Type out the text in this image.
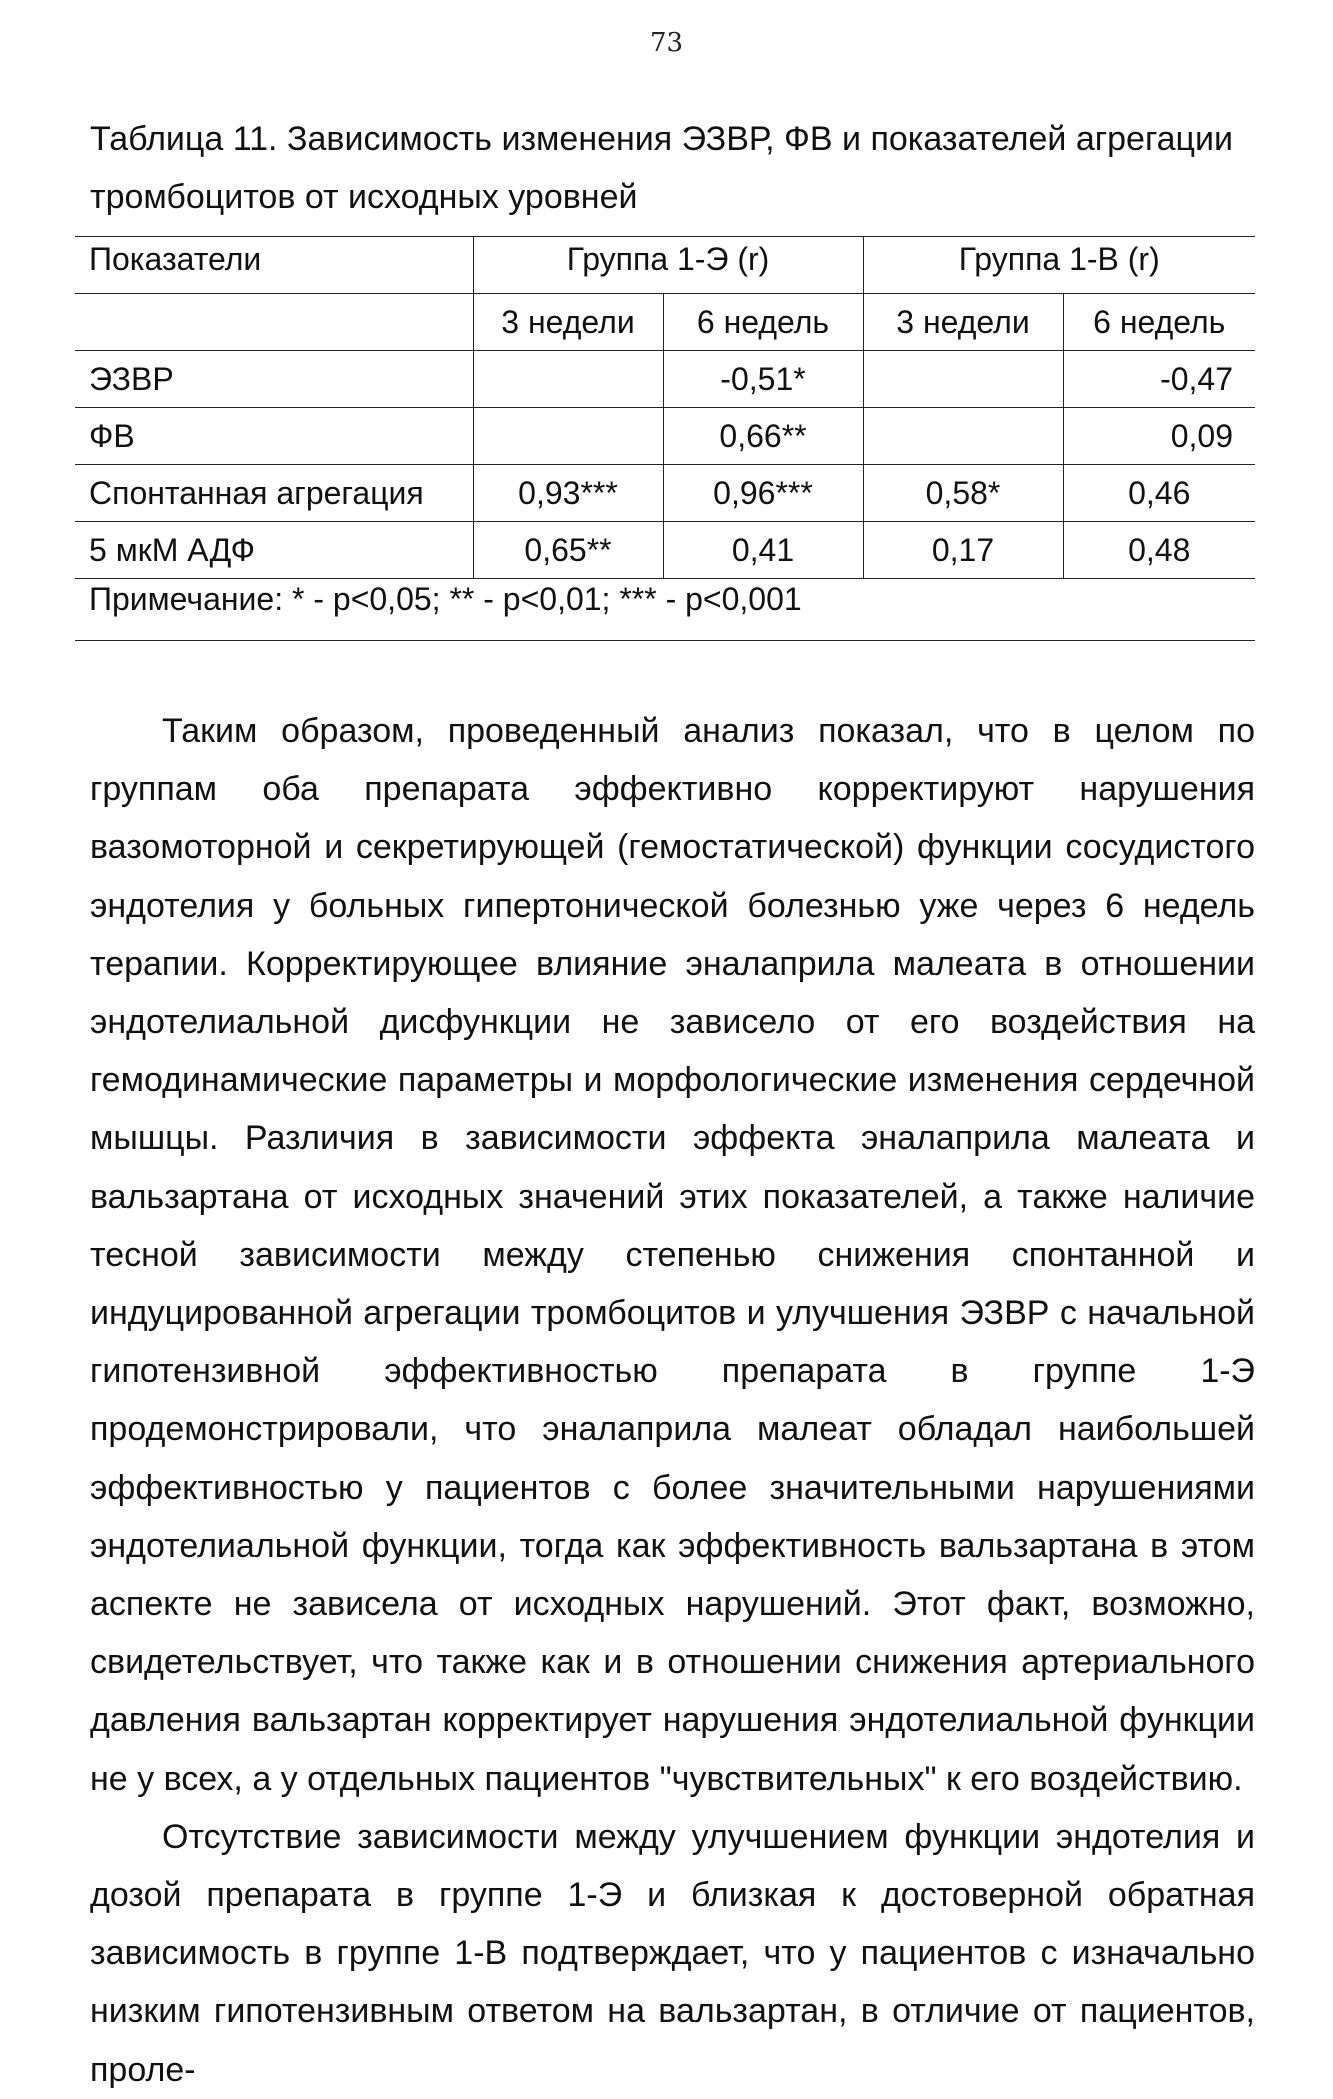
73
Таблица 11. Зависимость изменения ЭЗВР, ФВ и показателей агрегации тромбоцитов от исходных уровней
Показатели	Группа 1-Э (r)		Группа 1-В (r)	
	3 недели	6 недель	3 недели	6 недель
ЭЗВР		-0,51*		-0,47
ФВ		0,66**		0,09
Спонтанная агрегация	0,93***	0,96***	0,58*	0,46
5 мкМ АДФ	0,65**	0,41	0,17	0,48
Примечание: * - р<0,05; ** - р<0,01; *** - р<0,001				

Таким образом, проведенный анализ показал, что в целом по группам оба препарата эффективно корректируют нарушения вазомоторной и секретирующей (гемостатической) функции сосудистого эндотелия у больных гипертонической болезнью уже через 6 недель терапии. Корректирующее влияние эналаприла малеата в отношении эндотелиальной дисфункции не зависело от его воздействия на гемодинамические параметры и морфологические изменения сердечной мышцы. Различия в зависимости эффекта эналаприла малеата и вальзартана от исходных значений этих показателей, а также наличие тесной зависимости между степенью снижения спонтанной и индуцированной агрегации тромбоцитов и улучшения ЭЗВР с начальной гипотензивной эффективностью препарата в группе 1-Э продемонстрировали, что эналаприла малеат обладал наибольшей эффективностью у пациентов с более значительными нарушениями эндотелиальной функции, тогда как эффективность вальзартана в этом аспекте не зависела от исходных нарушений. Этот факт, возможно, свидетельствует, что также как и в отношении снижения артериального давления вальзартан корректирует нарушения эндотелиальной функции не у всех, а у отдельных пациентов "чувствительных" к его воздействию.

Отсутствие зависимости между улучшением функции эндотелия и дозой препарата в группе 1-Э и близкая к достоверной обратная зависимость в группе 1-В подтверждает, что у пациентов с изначально низким гипотензивным ответом на вальзартан, в отличие от пациентов, проле-
